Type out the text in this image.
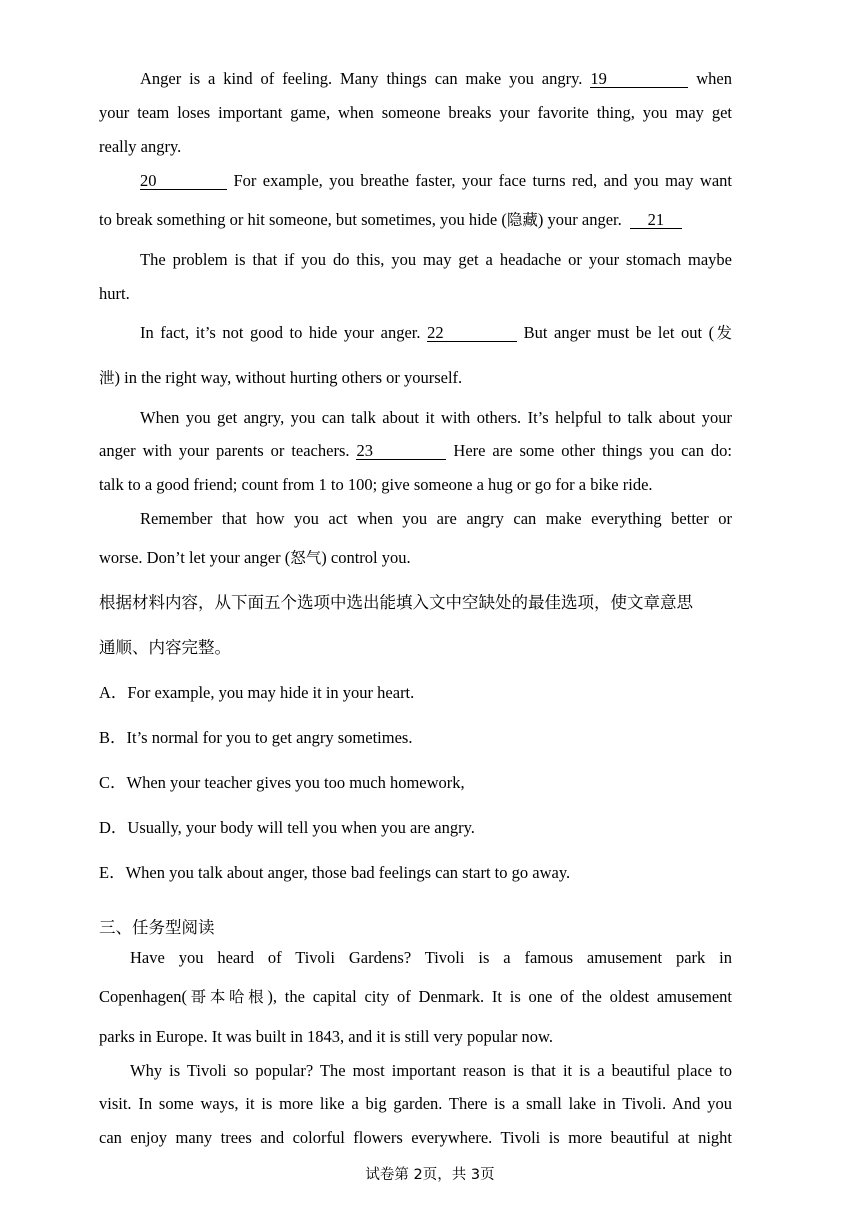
Anger is a kind of feeling. Many things can make you angry. 19	when
your team loses important game, when someone breaks your favorite thing, you may get
really angry.
20	For example, you breathe faster, your face turns red, and you may want
to break something or hit someone, but sometimes, you hide (隐藏) your anger. 21
The problem is that if you do this, you may get a headache or your stomach maybe
hurt.
In fact, it’s not good to hide your anger. 22	But anger must be let out (发
泄) in the right way, without hurting others or yourself.
When you get angry, you can talk about it with others. It’s helpful to talk about your
anger with your parents or teachers. 23	Here are some other things you can do:
talk to a good friend; count from 1 to 100; give someone a hug or go for a bike ride.
Remember that how you act when you are angry can make everything better or
worse. Don’t let your anger (怒气) control you.
根据材料内容，从下面五个选项中选出能填入文中空缺处的最佳选项，使文章意思
通顺、内容完整。
A．For example, you may hide it in your heart.
B．It’s normal for you to get angry sometimes.
C．When your teacher gives you too much homework,
D．Usually, your body will tell you when you are angry.
E．When you talk about anger, those bad feelings can start to go away.
三、任务型阅读
Have you heard of Tivoli Gardens? Tivoli is a famous amusement park in
Copenhagen(哥本哈根), the capital city of Denmark. It is one of the oldest amusement
parks in Europe. It was built in 1843, and it is still very popular now.
Why is Tivoli so popular? The most important reason is that it is a beautiful place to
visit. In some ways, it is more like a big garden. There is a small lake in Tivoli. And you
can enjoy many trees and colorful flowers everywhere. Tivoli is more beautiful at night
试卷第 2页，共 3页
